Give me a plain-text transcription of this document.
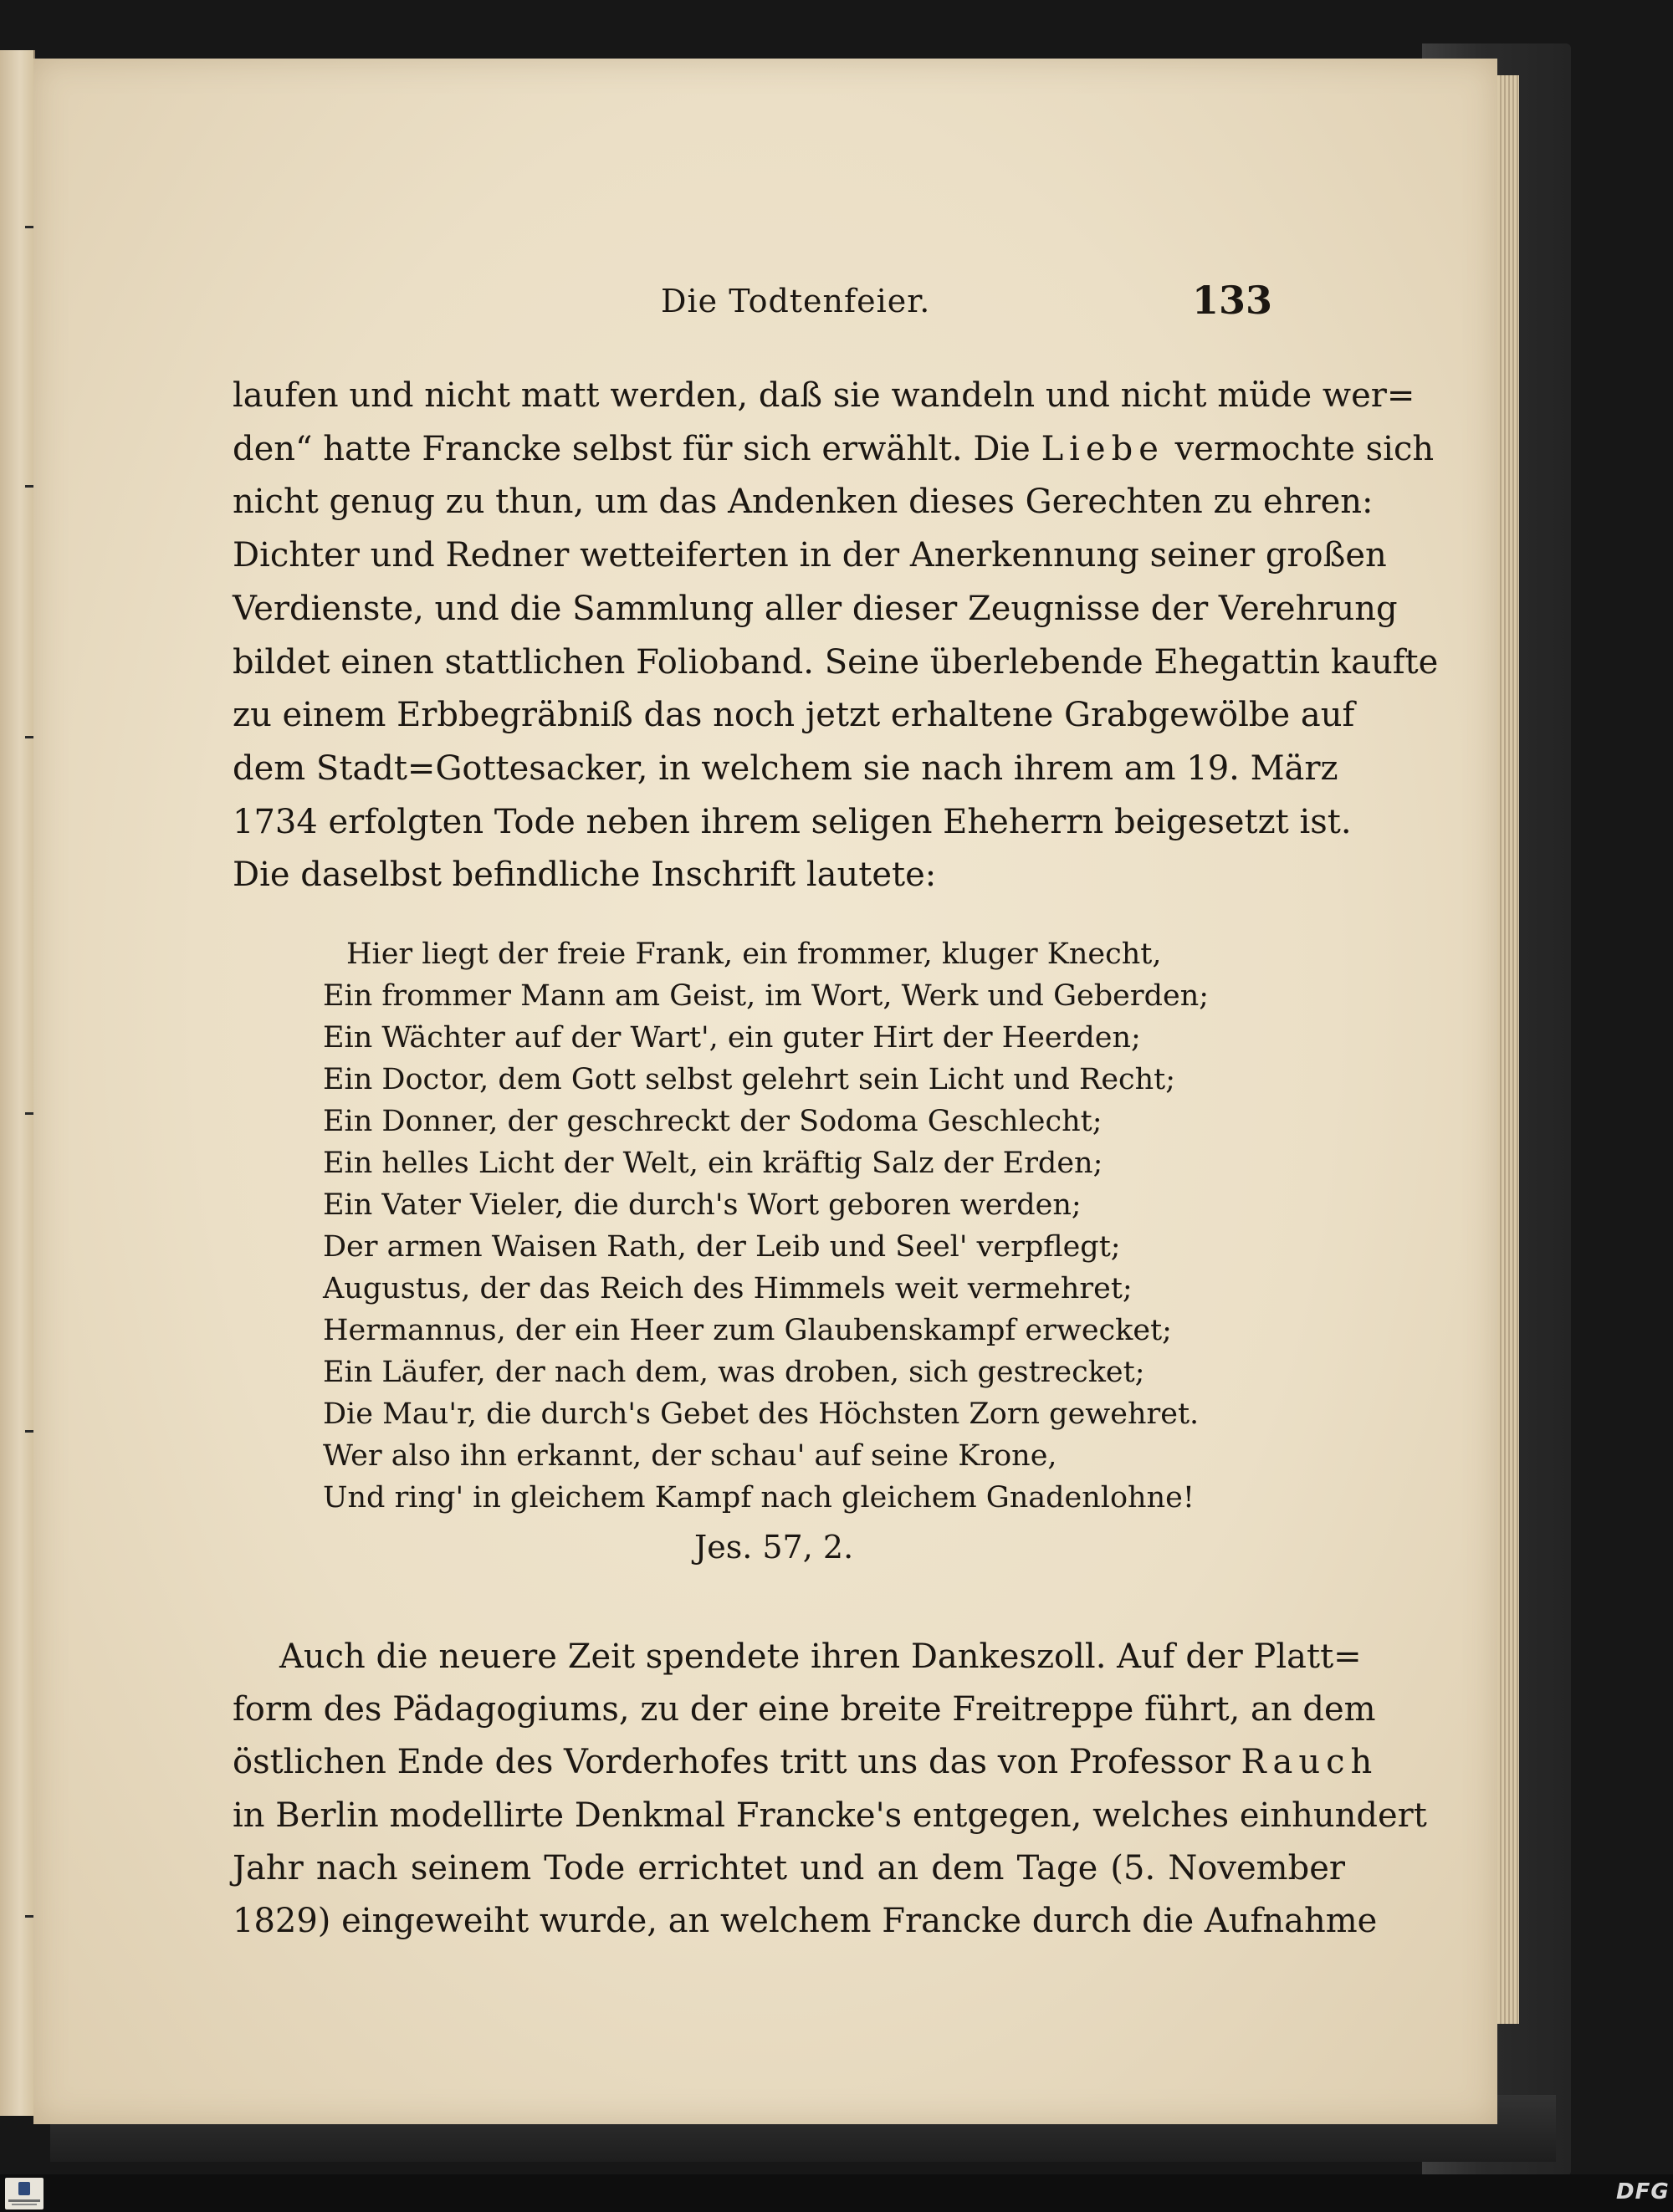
Die Todtenfeier.	133
laufen und nicht matt werden, daß sie wandeln und nicht müde wer=
den“ hatte Francke selbst für sich erwählt. Die Liebe vermochte sich
nicht genug zu thun, um das Andenken dieses Gerechten zu ehren:
Dichter und Redner wetteiferten in der Anerkennung seiner großen
Verdienste, und die Sammlung aller dieser Zeugnisse der Verehrung
bildet einen stattlichen Folioband. Seine überlebende Ehegattin kaufte
zu einem Erbbegräbniß das noch jetzt erhaltene Grabgewölbe auf
dem Stadt=Gottesacker, in welchem sie nach ihrem am 19. März
1734 erfolgten Tode neben ihrem seligen Eheherrn beigesetzt ist.
Die daselbst befindliche Inschrift lautete:
Hier liegt der freie Frank, ein frommer, kluger Knecht,
Ein frommer Mann am Geist, im Wort, Werk und Geberden;
Ein Wächter auf der Wart', ein guter Hirt der Heerden;
Ein Doctor, dem Gott selbst gelehrt sein Licht und Recht;
Ein Donner, der geschreckt der Sodoma Geschlecht;
Ein helles Licht der Welt, ein kräftig Salz der Erden;
Ein Vater Vieler, die durch's Wort geboren werden;
Der armen Waisen Rath, der Leib und Seel' verpflegt;
Augustus, der das Reich des Himmels weit vermehret;
Hermannus, der ein Heer zum Glaubenskampf erwecket;
Ein Läufer, der nach dem, was droben, sich gestrecket;
Die Mau'r, die durch's Gebet des Höchsten Zorn gewehret.
Wer also ihn erkannt, der schau' auf seine Krone,
Und ring' in gleichem Kampf nach gleichem Gnadenlohne!
Jes. 57, 2.
Auch die neuere Zeit spendete ihren Dankeszoll. Auf der Platt=
form des Pädagogiums, zu der eine breite Freitreppe führt, an dem
östlichen Ende des Vorderhofes tritt uns das von Professor Rauch
in Berlin modellirte Denkmal Francke's entgegen, welches einhundert
Jahr nach seinem Tode errichtet und an dem Tage (5. November
1829) eingeweiht wurde, an welchem Francke durch die Aufnahme
DFG
